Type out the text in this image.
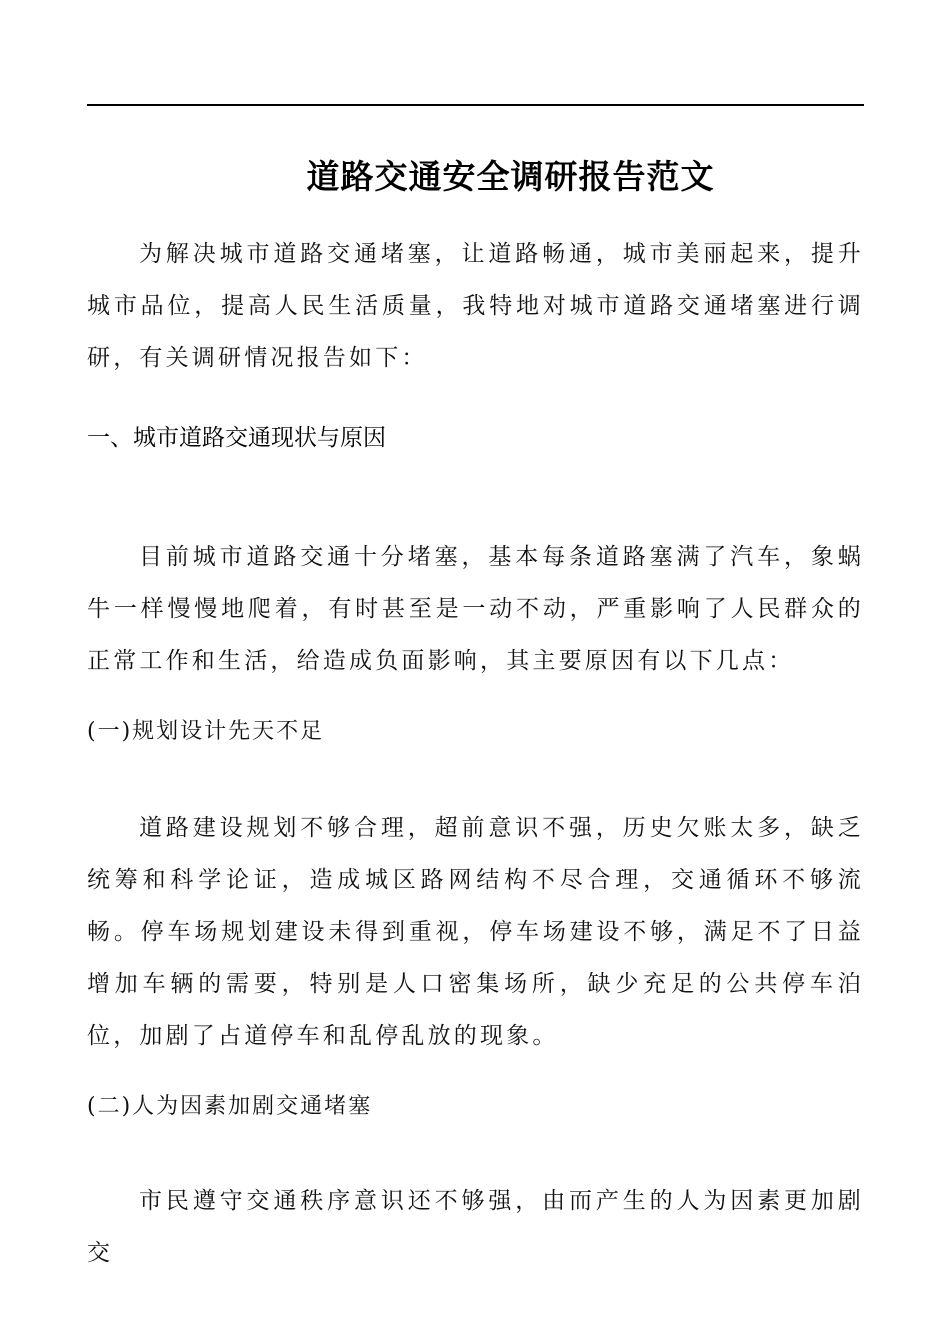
道路交通安全调研报告范文

为解决城市道路交通堵塞，让道路畅通，城市美丽起来，提升城市品位，提高人民生活质量，我特地对城市道路交通堵塞进行调研，有关调研情况报告如下：

一、城市道路交通现状与原因

目前城市道路交通十分堵塞，基本每条道路塞满了汽车，象蜗牛一样慢慢地爬着，有时甚至是一动不动，严重影响了人民群众的正常工作和生活，给造成负面影响，其主要原因有以下几点：

(一)规划设计先天不足

道路建设规划不够合理，超前意识不强，历史欠账太多，缺乏统筹和科学论证，造成城区路网结构不尽合理，交通循环不够流畅。停车场规划建设未得到重视，停车场建设不够，满足不了日益增加车辆的需要，特别是人口密集场所，缺少充足的公共停车泊位，加剧了占道停车和乱停乱放的现象。

(二)人为因素加剧交通堵塞

市民遵守交通秩序意识还不够强，由而产生的人为因素更加剧交
